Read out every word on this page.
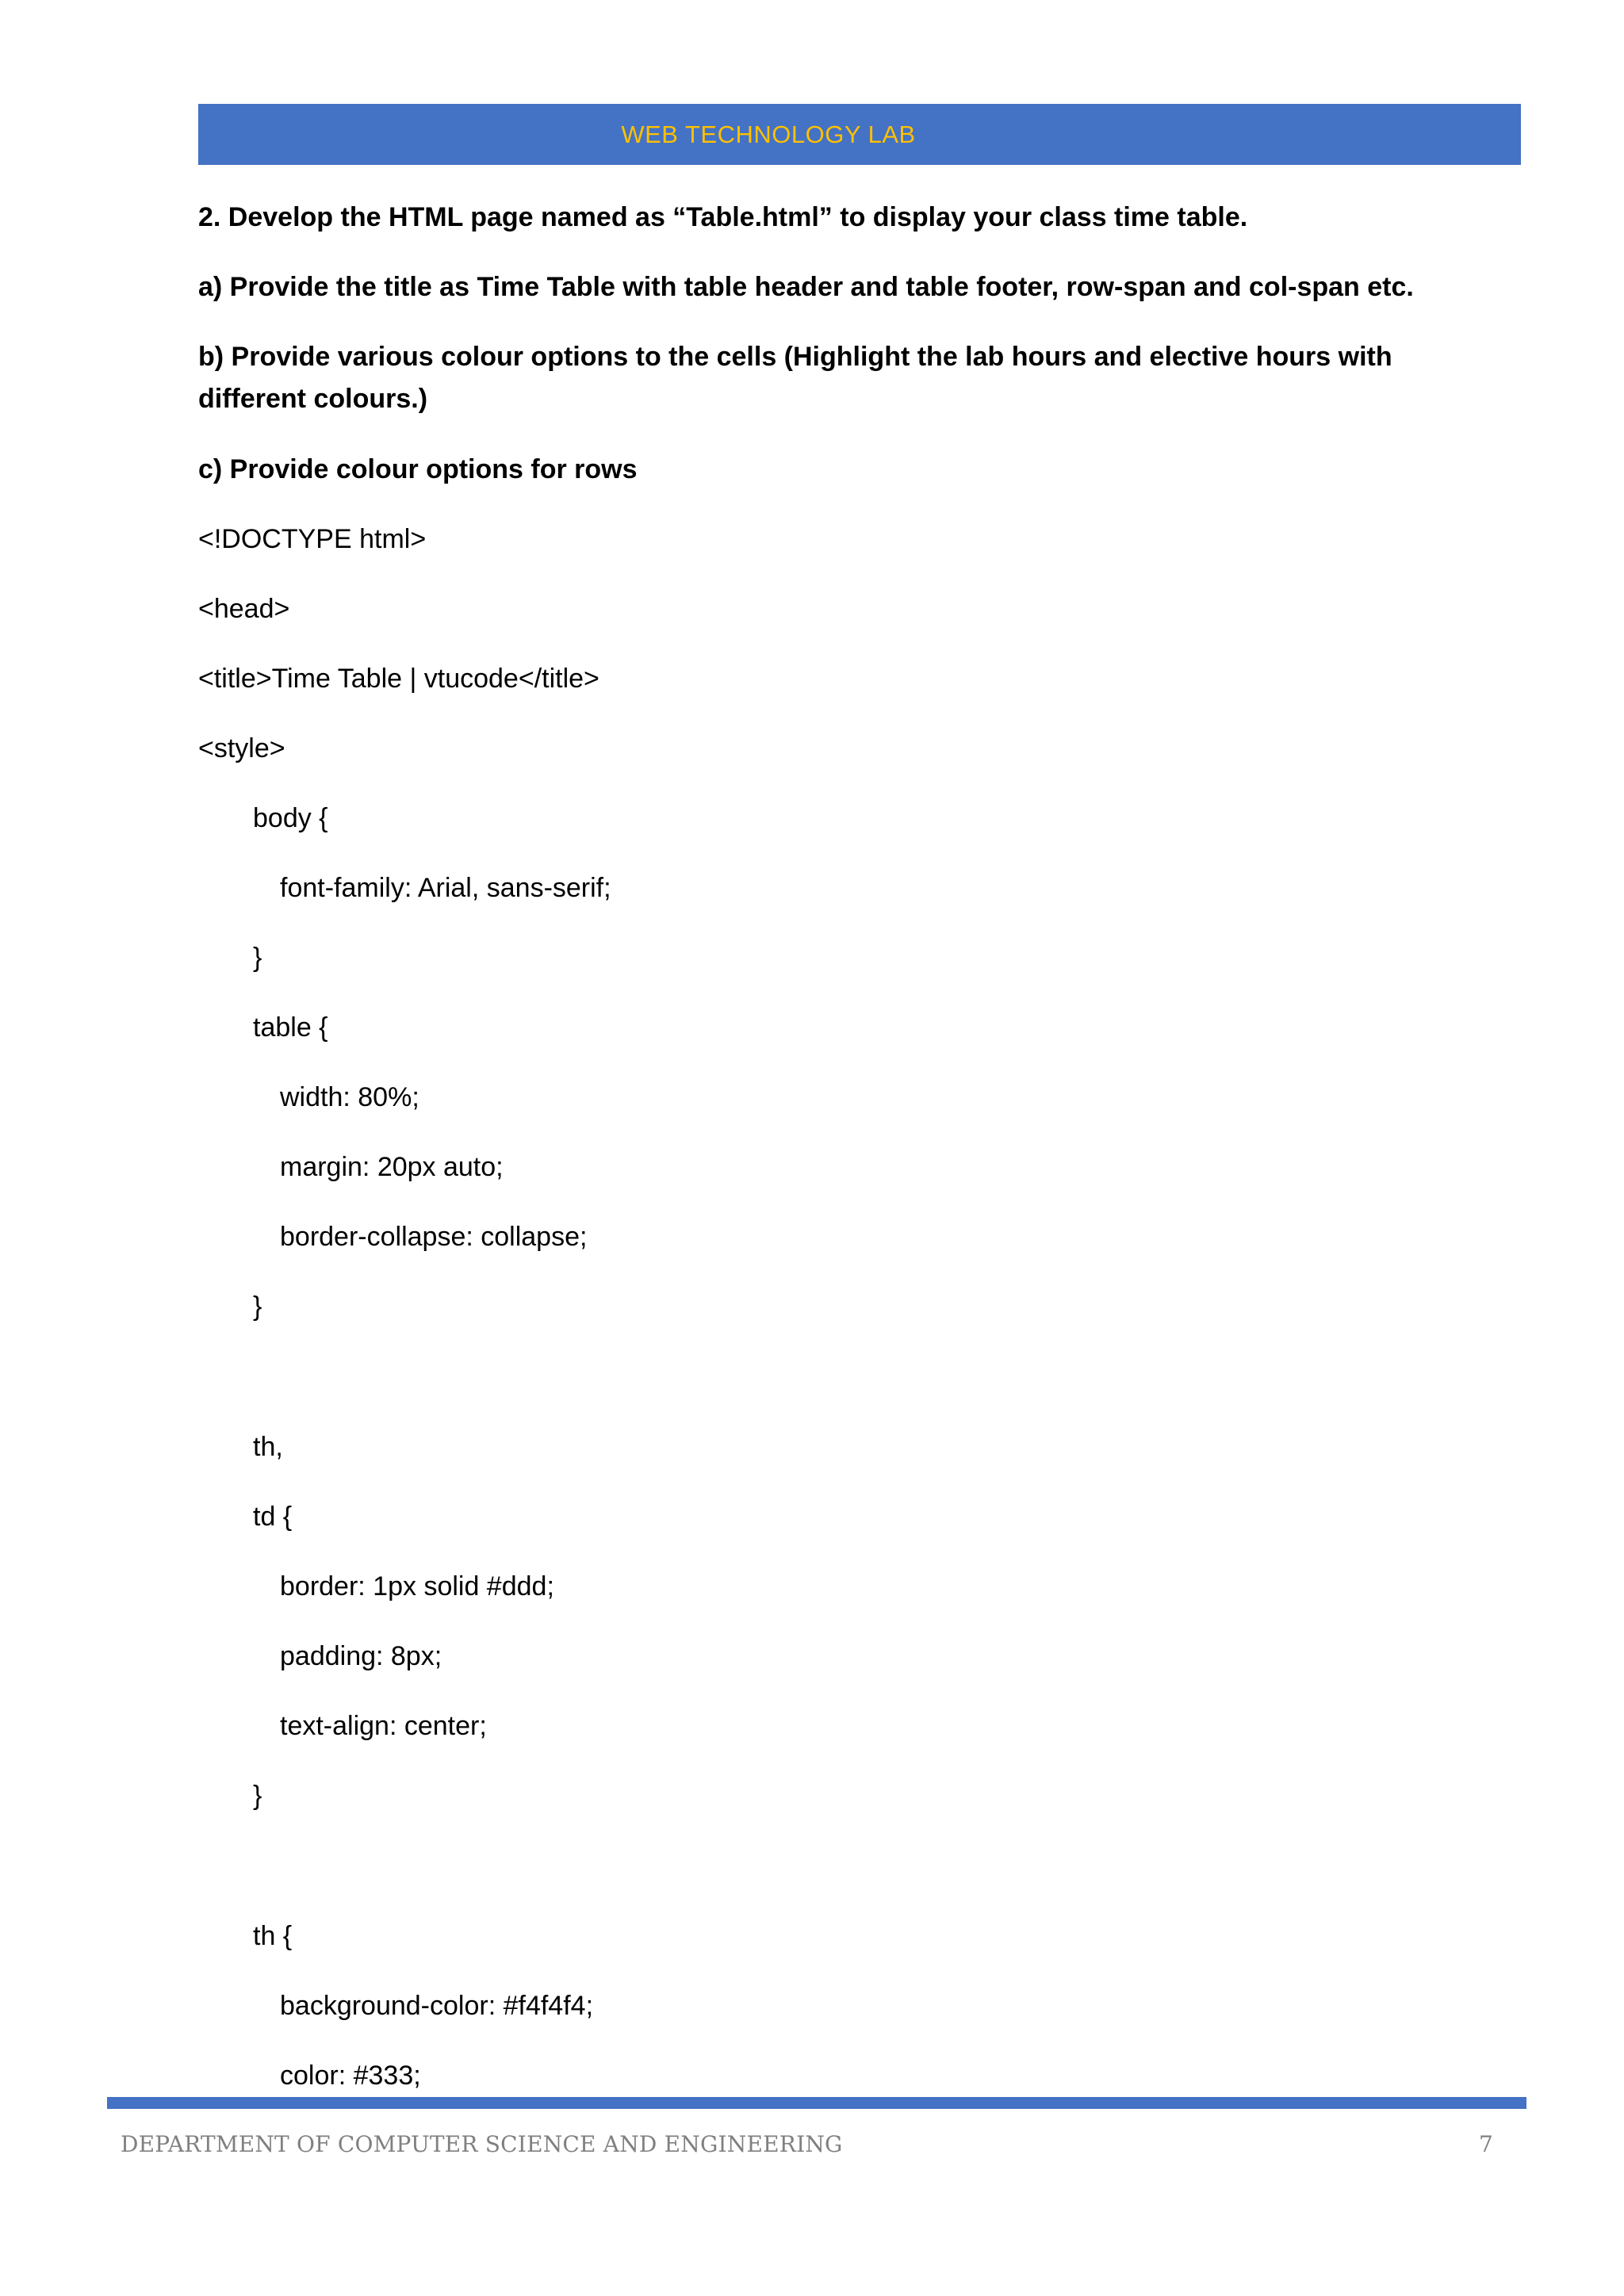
WEB TECHNOLOGY LAB

2. Develop the HTML page named as “Table.html” to display your class time table.

a) Provide the title as Time Table with table header and table footer, row-span and col-span etc.

b) Provide various colour options to the cells (Highlight the lab hours and elective hours with

different colours.)

c) Provide colour options for rows

<!DOCTYPE html>

<head>

<title>Time Table | vtucode</title>

<style>

body {

font-family: Arial, sans-serif;

}

table {

width: 80%;

margin: 20px auto;

border-collapse: collapse;

}

th,

td {

border: 1px solid #ddd;

padding: 8px;

text-align: center;

}

th {

background-color: #f4f4f4;

color: #333;

DEPARTMENT OF COMPUTER SCIENCE AND ENGINEERING	7
